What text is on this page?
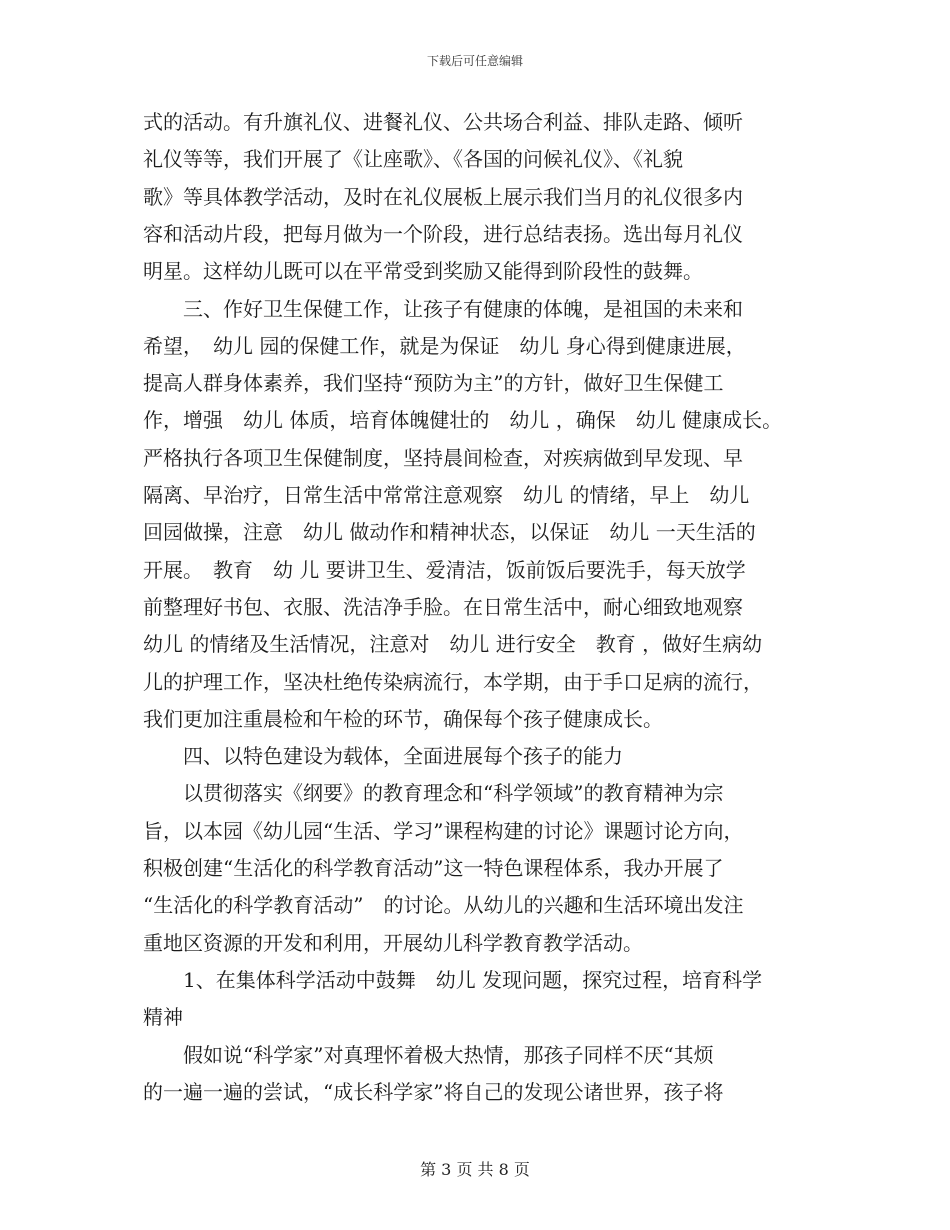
下载后可任意编辑
式的活动。有升旗礼仪、进餐礼仪、公共场合利益、排队走路、倾听
礼仪等等，我们开展了《让座歌》、《各国的问候礼仪》、《礼貌
歌》等具体教学活动，及时在礼仪展板上展示我们当月的礼仪很多内
容和活动片段，把每月做为一个阶段，进行总结表扬。选出每月礼仪
明星。这样幼儿既可以在平常受到奖励又能得到阶段性的鼓舞。
　　三、作好卫生保健工作，让孩子有健康的体魄，是祖国的未来和
希望，　幼儿 园的保健工作，就是为保证　幼儿 身心得到健康进展，
提高人群身体素养，我们坚持“预防为主”的方针，做好卫生保健工
作，增强　幼儿 体质，培育体魄健壮的　幼儿 ，确保　幼儿 健康成长。
严格执行各项卫生保健制度，坚持晨间检查，对疾病做到早发现、早
隔离、早治疗，日常生活中常常注意观察　幼儿 的情绪，早上　幼儿
回园做操，注意　幼儿 做动作和精神状态，以保证　幼儿 一天生活的
开展。　教育　幼 儿 要讲卫生、爱清洁，饭前饭后要洗手，每天放学
前整理好书包、衣服、洗洁净手脸。在日常生活中，耐心细致地观察
幼儿 的情绪及生活情况，注意对　幼儿 进行安全　教育 ，做好生病幼
儿的护理工作，坚决杜绝传染病流行，本学期，由于手口足病的流行，
我们更加注重晨检和午检的环节，确保每个孩子健康成长。
　　四、以特色建设为载体，全面进展每个孩子的能力
　　以贯彻落实《纲要》的教育理念和“科学领域”的教育精神为宗
旨，以本园《幼儿园“生活、学习”课程构建的讨论》课题讨论方向，
积极创建“生活化的科学教育活动”这一特色课程体系，我办开展了
“生活化的科学教育活动”　的讨论。从幼儿的兴趣和生活环境出发注
重地区资源的开发和利用，开展幼儿科学教育教学活动。
　　1、在集体科学活动中鼓舞　幼儿 发现问题，探究过程，培育科学
精神
　　假如说“科学家”对真理怀着极大热情，那孩子同样不厌“其烦
的一遍一遍的尝试，“成长科学家”将自己的发现公诸世界，孩子将
第 3 页 共 8 页
